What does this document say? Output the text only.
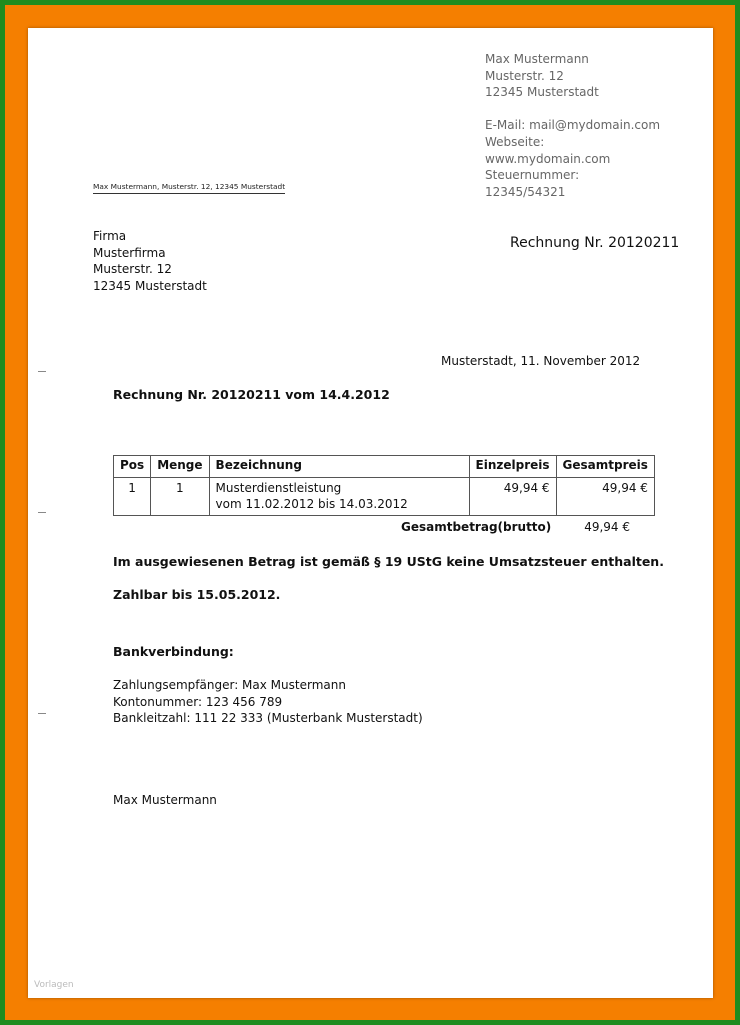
Max Mustermann
Musterstr. 12
12345 Musterstadt
E-Mail: mail@mydomain.com
Webseite:
www.mydomain.com
Steuernummer:
12345/54321
Max Mustermann, Musterstr. 12, 12345 Musterstadt
Firma
Musterfirma
Musterstr. 12
12345 Musterstadt
Rechnung Nr. 20120211
Musterstadt, 11. November 2012
Rechnung Nr. 20120211 vom 14.4.2012
Pos	Menge	Bezeichnung	Einzelpreis	Gesamtpreis
1	1	Musterdienstleistung
vom 11.02.2012 bis 14.03.2012	49,94 €	49,94 €
Gesamtbetrag(brutto)	49,94 €
Im ausgewiesenen Betrag ist gemäß § 19 UStG keine Umsatzsteuer enthalten.
Zahlbar bis 15.05.2012.
Bankverbindung:
Zahlungsempfänger: Max Mustermann
Kontonummer: 123 456 789
Bankleitzahl: 111 22 333 (Musterbank Musterstadt)
Max Mustermann
Vorlagen
